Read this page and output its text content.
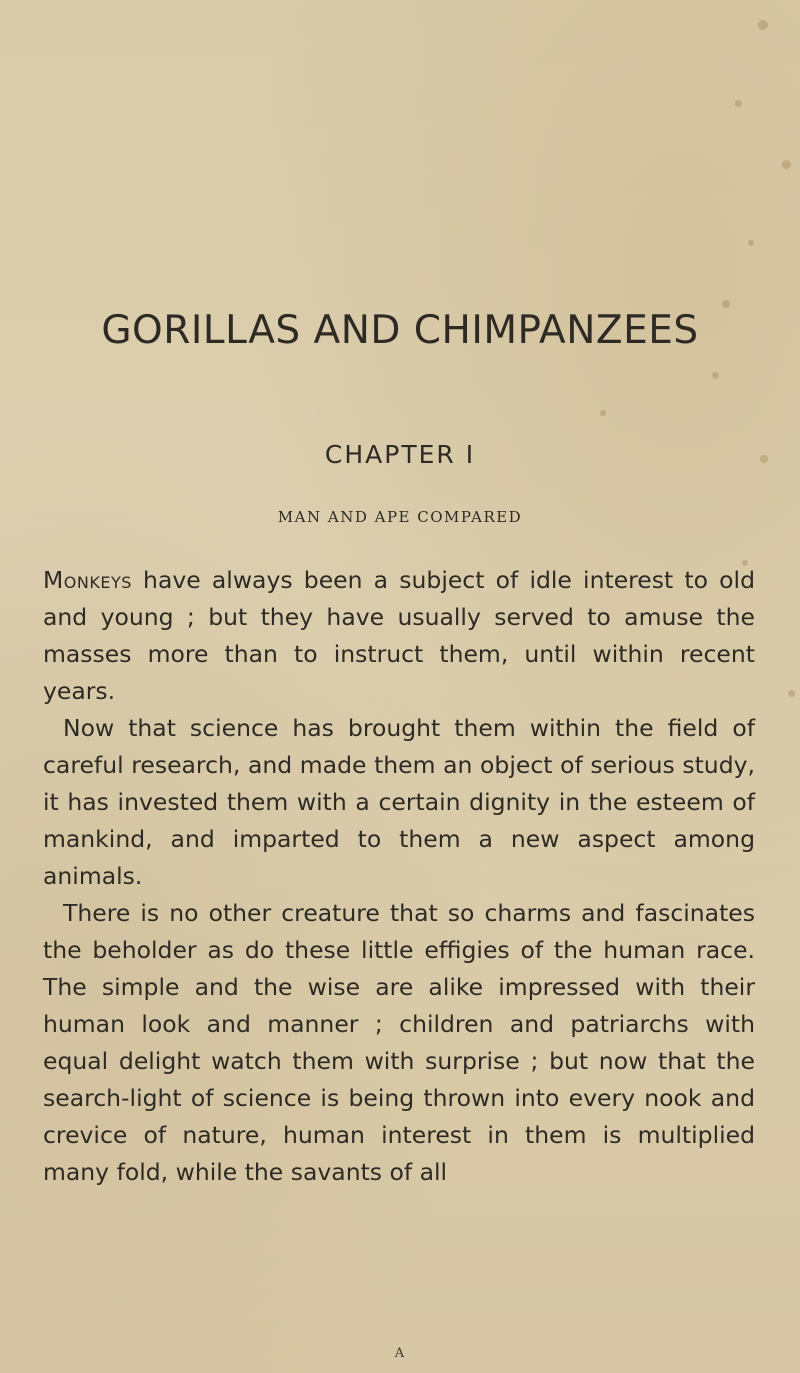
GORILLAS AND CHIMPANZEES
CHAPTER I
MAN AND APE COMPARED

Monkeys have always been a subject of idle interest to old and young ; but they have usually served to amuse the masses more than to instruct them, until within recent years.

Now that science has brought them within the field of careful research, and made them an object of serious study, it has invested them with a certain dignity in the esteem of mankind, and imparted to them a new aspect among animals.

There is no other creature that so charms and fascinates the beholder as do these little effigies of the human race. The simple and the wise are alike impressed with their human look and manner ; children and patriarchs with equal delight watch them with surprise ; but now that the search-light of science is being thrown into every nook and crevice of nature, human interest in them is multiplied many fold, while the savants of all

A
